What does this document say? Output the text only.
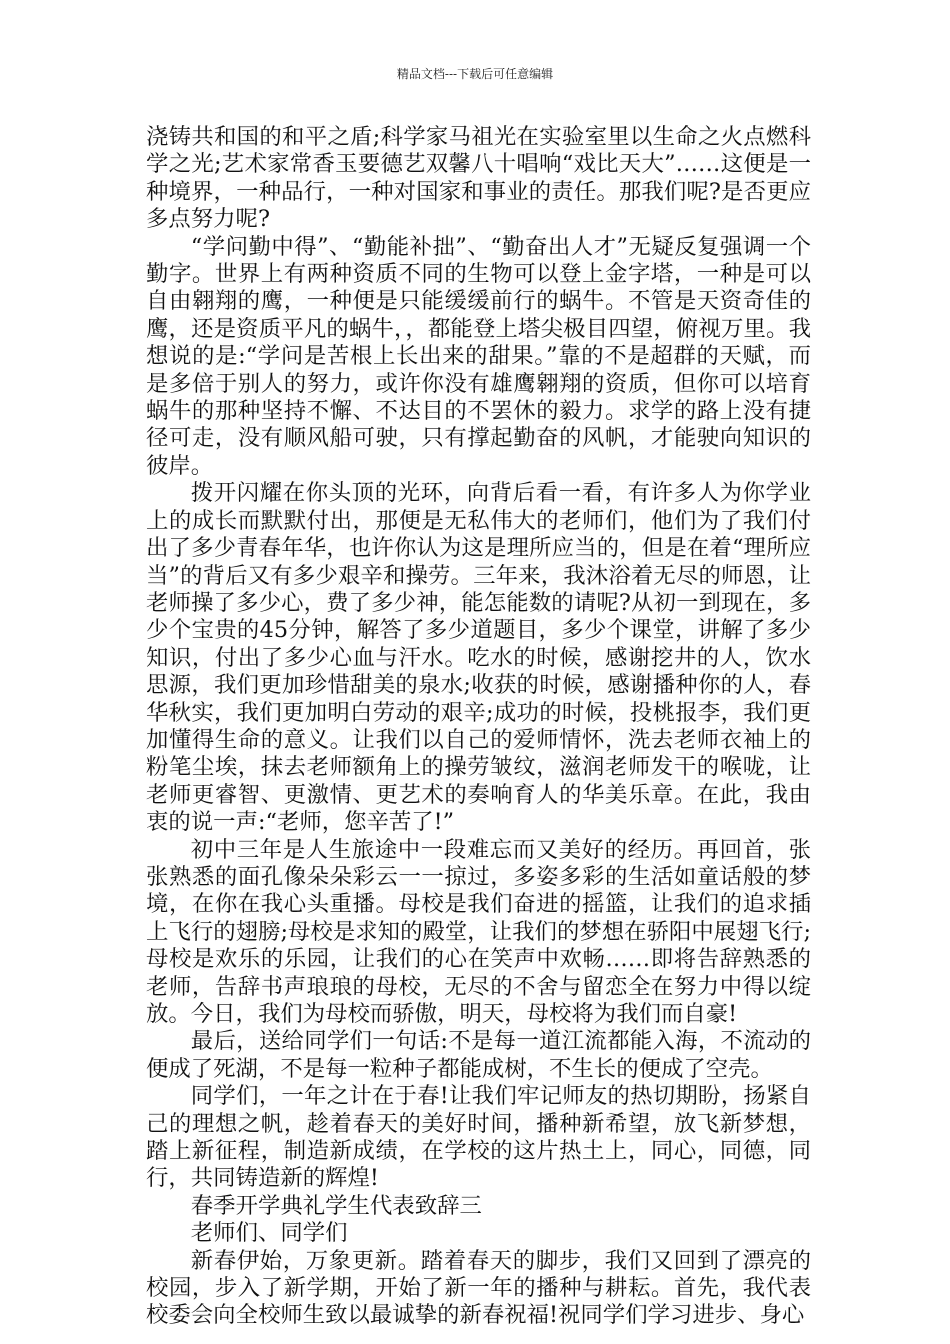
精品文档---下载后可任意编辑

浇铸共和国的和平之盾;科学家马祖光在实验室里以生命之火点燃科学之光;艺术家常香玉要德艺双馨八十唱响“戏比天大”……这便是一种境界，一种品行，一种对国家和事业的责任。那我们呢?是否更应多点努力呢?

“学问勤中得”、“勤能补拙”、“勤奋出人才”无疑反复强调一个勤字。世界上有两种资质不同的生物可以登上金字塔，一种是可以自由翱翔的鹰，一种便是只能缓缓前行的蜗牛。不管是天资奇佳的鹰，还是资质平凡的蜗牛，，都能登上塔尖极目四望，俯视万里。我想说的是:“学问是苦根上长出来的甜果。”靠的不是超群的天赋，而是多倍于别人的努力，或许你没有雄鹰翱翔的资质，但你可以培育蜗牛的那种坚持不懈、不达目的不罢休的毅力。求学的路上没有捷径可走，没有顺风船可驶，只有撑起勤奋的风帆，才能驶向知识的彼岸。

拨开闪耀在你头顶的光环，向背后看一看，有许多人为你学业上的成长而默默付出，那便是无私伟大的老师们，他们为了我们付出了多少青春年华，也许你认为这是理所应当的，但是在着“理所应当”的背后又有多少艰辛和操劳。三年来，我沐浴着无尽的师恩，让老师操了多少心，费了多少神，能怎能数的请呢?从初一到现在，多少个宝贵的45分钟，解答了多少道题目，多少个课堂，讲解了多少知识，付出了多少心血与汗水。吃水的时候，感谢挖井的人，饮水思源，我们更加珍惜甜美的泉水;收获的时候，感谢播种你的人，春华秋实，我们更加明白劳动的艰辛;成功的时候，投桃报李，我们更加懂得生命的意义。让我们以自己的爱师情怀，洗去老师衣袖上的粉笔尘埃，抹去老师额角上的操劳皱纹，滋润老师发干的喉咙，让老师更睿智、更激情、更艺术的奏响育人的华美乐章。在此，我由衷的说一声:“老师，您辛苦了!”

初中三年是人生旅途中一段难忘而又美好的经历。再回首，张张熟悉的面孔像朵朵彩云一一掠过，多姿多彩的生活如童话般的梦境，在你在我心头重播。母校是我们奋进的摇篮，让我们的追求插上飞行的翅膀;母校是求知的殿堂，让我们的梦想在骄阳中展翅飞行;母校是欢乐的乐园，让我们的心在笑声中欢畅……即将告辞熟悉的老师，告辞书声琅琅的母校，无尽的不舍与留恋全在努力中得以绽放。今日，我们为母校而骄傲，明天，母校将为我们而自豪!

最后，送给同学们一句话:不是每一道江流都能入海，不流动的便成了死湖，不是每一粒种子都能成树，不生长的便成了空壳。

同学们，一年之计在于春!让我们牢记师友的热切期盼，扬紧自己的理想之帆，趁着春天的美好时间，播种新希望，放飞新梦想，踏上新征程，制造新成绩，在学校的这片热土上，同心，同德，同行，共同铸造新的辉煌!

春季开学典礼学生代表致辞三

老师们、同学们

新春伊始，万象更新。踏着春天的脚步，我们又回到了漂亮的校园，步入了新学期，开始了新一年的播种与耕耘。首先，我代表校委会向全校师生致以最诚挚的新春祝福!祝同学们学习进步、身心
